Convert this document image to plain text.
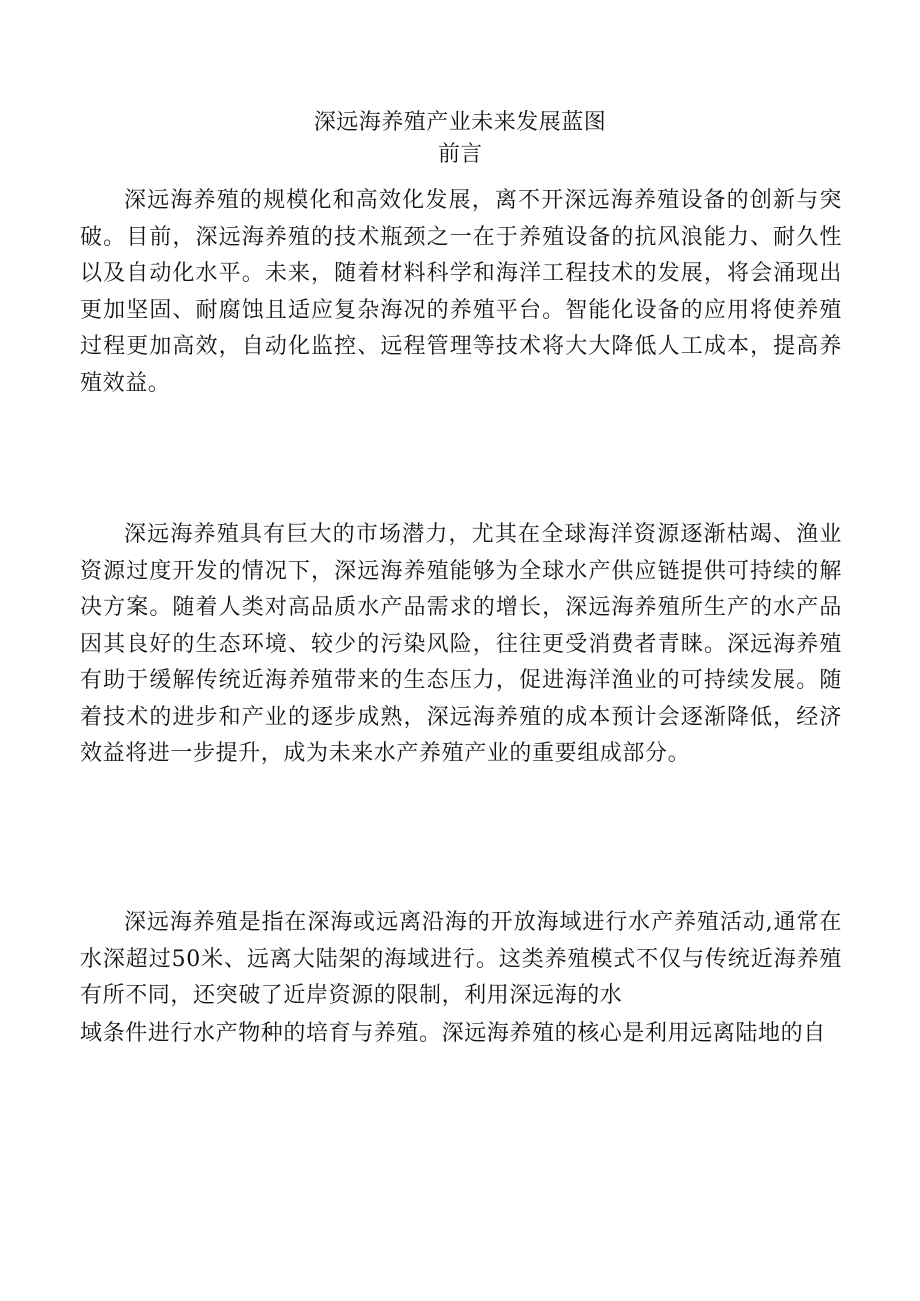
深远海养殖产业未来发展蓝图
前言

深远海养殖的规模化和高效化发展，离不开深远海养殖设备的创新与突破。目前，深远海养殖的技术瓶颈之一在于养殖设备的抗风浪能力、耐久性以及自动化水平。未来，随着材料科学和海洋工程技术的发展，将会涌现出更加坚固、耐腐蚀且适应复杂海况的养殖平台。智能化设备的应用将使养殖过程更加高效，自动化监控、远程管理等技术将大大降低人工成本，提高养殖效益。

深远海养殖具有巨大的市场潜力，尤其在全球海洋资源逐渐枯竭、渔业资源过度开发的情况下，深远海养殖能够为全球水产供应链提供可持续的解决方案。随着人类对高品质水产品需求的增长，深远海养殖所生产的水产品因其良好的生态环境、较少的污染风险，往往更受消费者青睐。深远海养殖有助于缓解传统近海养殖带来的生态压力，促进海洋渔业的可持续发展。随着技术的进步和产业的逐步成熟，深远海养殖的成本预计会逐渐降低，经济效益将进一步提升，成为未来水产养殖产业的重要组成部分。

深远海养殖是指在深海或远离沿海的开放海域进行水产养殖活动,通常在水深超过50米、远离大陆架的海域进行。这类养殖模式不仅与传统近海养殖有所不同，还突破了近岸资源的限制，利用深远海的水

域条件进行水产物种的培育与养殖。深远海养殖的核心是利用远离陆地的自
